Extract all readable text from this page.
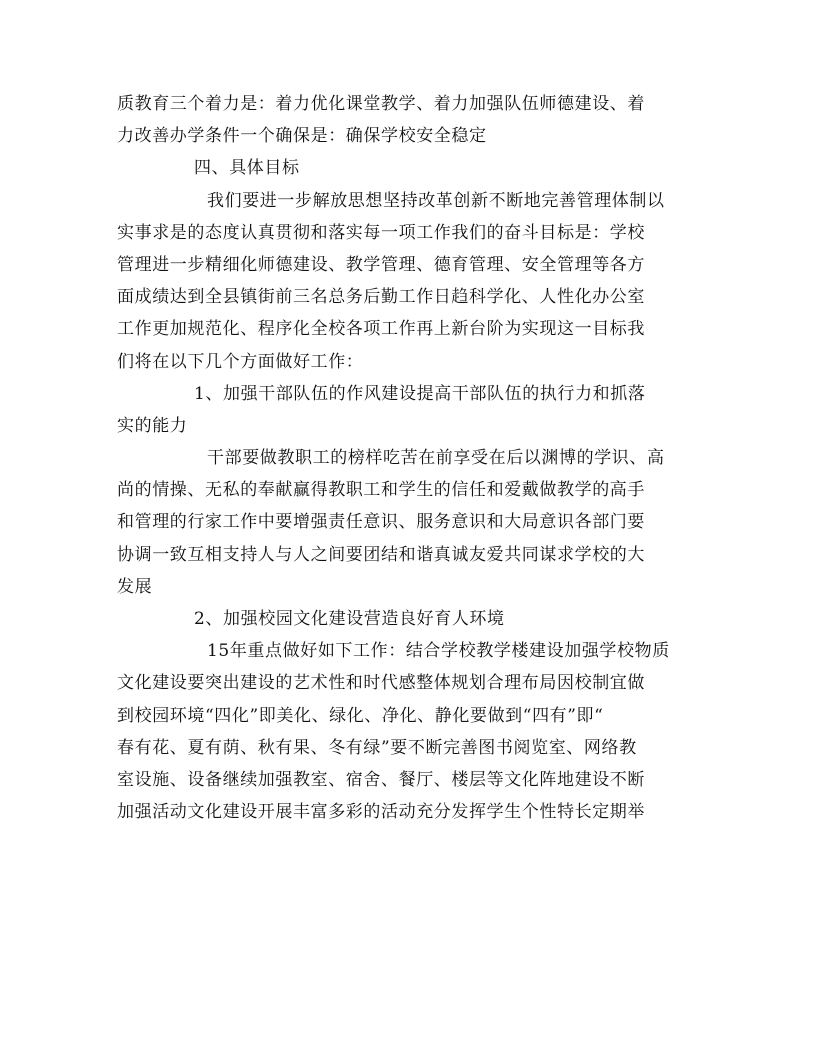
质教育三个着力是：着力优化课堂教学、着力加强队伍师德建设、着
力改善办学条件一个确保是：确保学校安全稳定
四、具体目标
我们要进一步解放思想坚持改革创新不断地完善管理体制以
实事求是的态度认真贯彻和落实每一项工作我们的奋斗目标是：学校
管理进一步精细化师德建设、教学管理、德育管理、安全管理等各方
面成绩达到全县镇街前三名总务后勤工作日趋科学化、人性化办公室
工作更加规范化、程序化全校各项工作再上新台阶为实现这一目标我
们将在以下几个方面做好工作：
1、加强干部队伍的作风建设提高干部队伍的执行力和抓落
实的能力
干部要做教职工的榜样吃苦在前享受在后以渊博的学识、高
尚的情操、无私的奉献赢得教职工和学生的信任和爱戴做教学的高手
和管理的行家工作中要增强责任意识、服务意识和大局意识各部门要
协调一致互相支持人与人之间要团结和谐真诚友爱共同谋求学校的大
发展
2、加强校园文化建设营造良好育人环境
15年重点做好如下工作：结合学校教学楼建设加强学校物质
文化建设要突出建设的艺术性和时代感整体规划合理布局因校制宜做
到校园环境“四化”即美化、绿化、净化、静化要做到“四有”即“
春有花、夏有荫、秋有果、冬有绿”要不断完善图书阅览室、网络教
室设施、设备继续加强教室、宿舍、餐厅、楼层等文化阵地建设不断
加强活动文化建设开展丰富多彩的活动充分发挥学生个性特长定期举
